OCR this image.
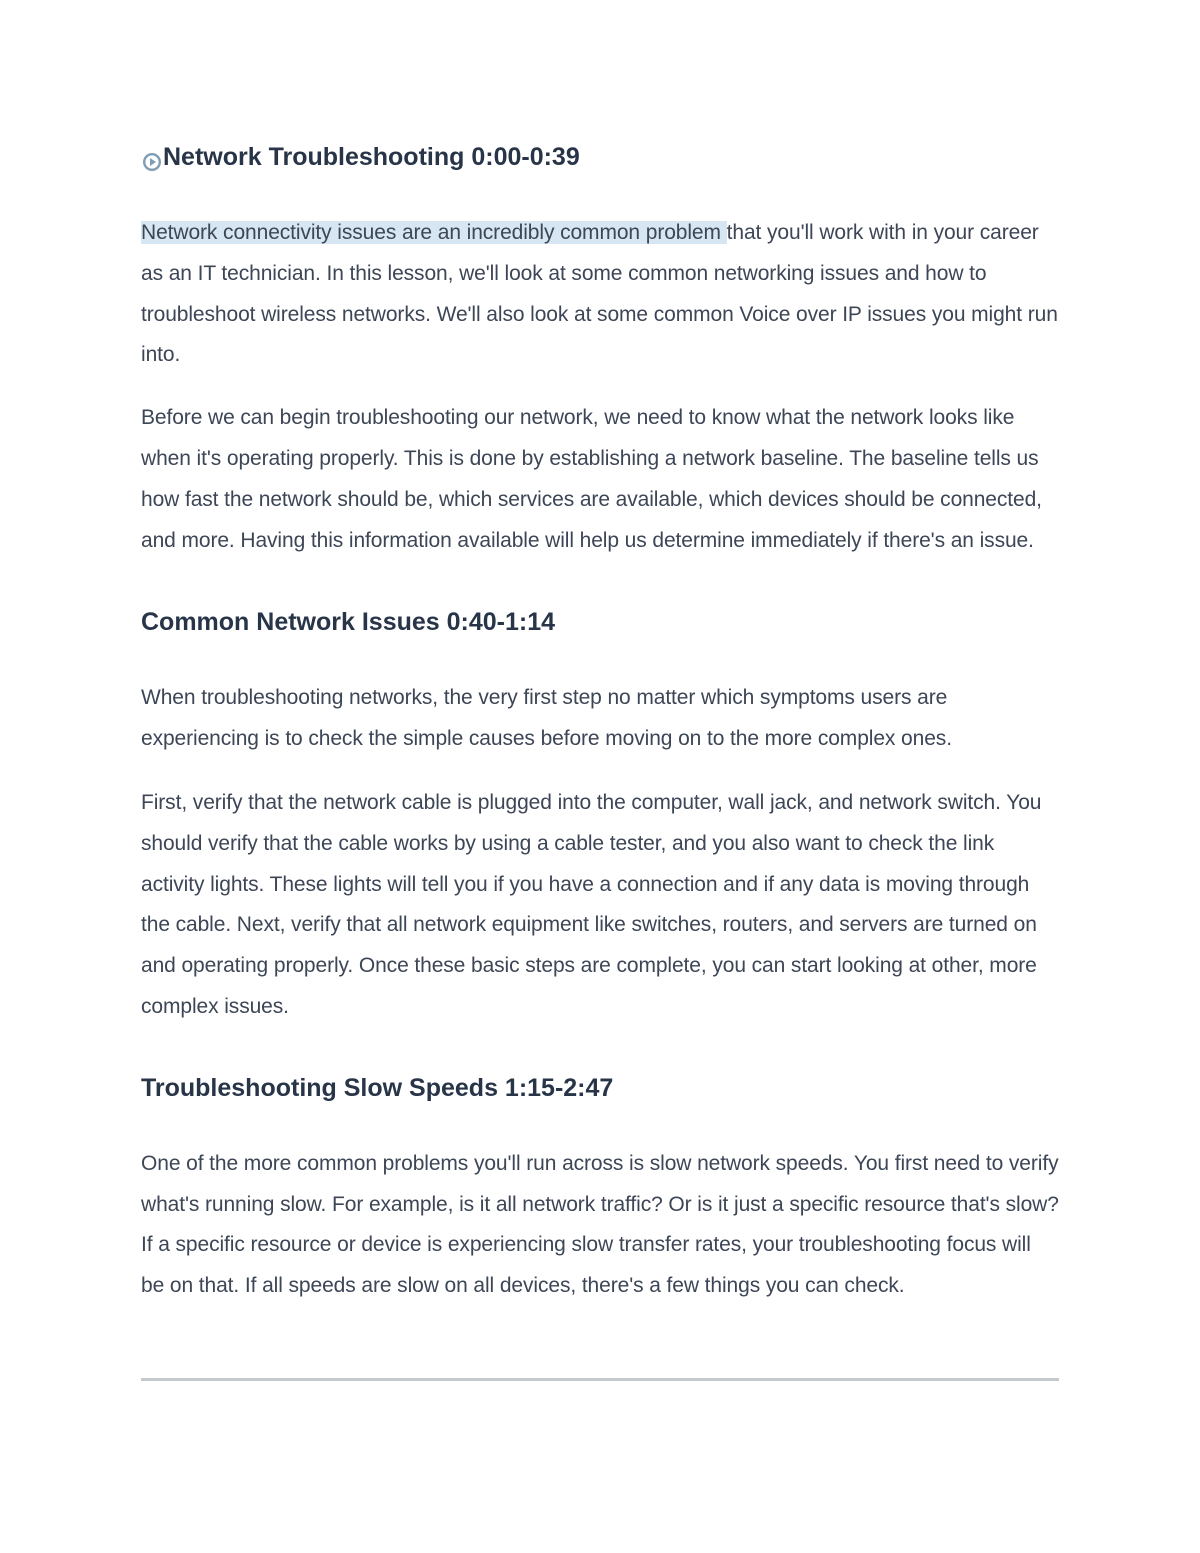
Network Troubleshooting 0:00-0:39

Network connectivity issues are an incredibly common problem that you'll work with in your career as an IT technician. In this lesson, we'll look at some common networking issues and how to troubleshoot wireless networks. We'll also look at some common Voice over IP issues you might run into.

Before we can begin troubleshooting our network, we need to know what the network looks like when it's operating properly. This is done by establishing a network baseline. The baseline tells us how fast the network should be, which services are available, which devices should be connected, and more. Having this information available will help us determine immediately if there's an issue.

Common Network Issues 0:40-1:14

When troubleshooting networks, the very first step no matter which symptoms users are experiencing is to check the simple causes before moving on to the more complex ones.

First, verify that the network cable is plugged into the computer, wall jack, and network switch. You should verify that the cable works by using a cable tester, and you also want to check the link activity lights. These lights will tell you if you have a connection and if any data is moving through the cable. Next, verify that all network equipment like switches, routers, and servers are turned on and operating properly. Once these basic steps are complete, you can start looking at other, more complex issues.

Troubleshooting Slow Speeds 1:15-2:47

One of the more common problems you'll run across is slow network speeds. You first need to verify what's running slow. For example, is it all network traffic? Or is it just a specific resource that's slow? If a specific resource or device is experiencing slow transfer rates, your troubleshooting focus will be on that. If all speeds are slow on all devices, there's a few things you can check.
